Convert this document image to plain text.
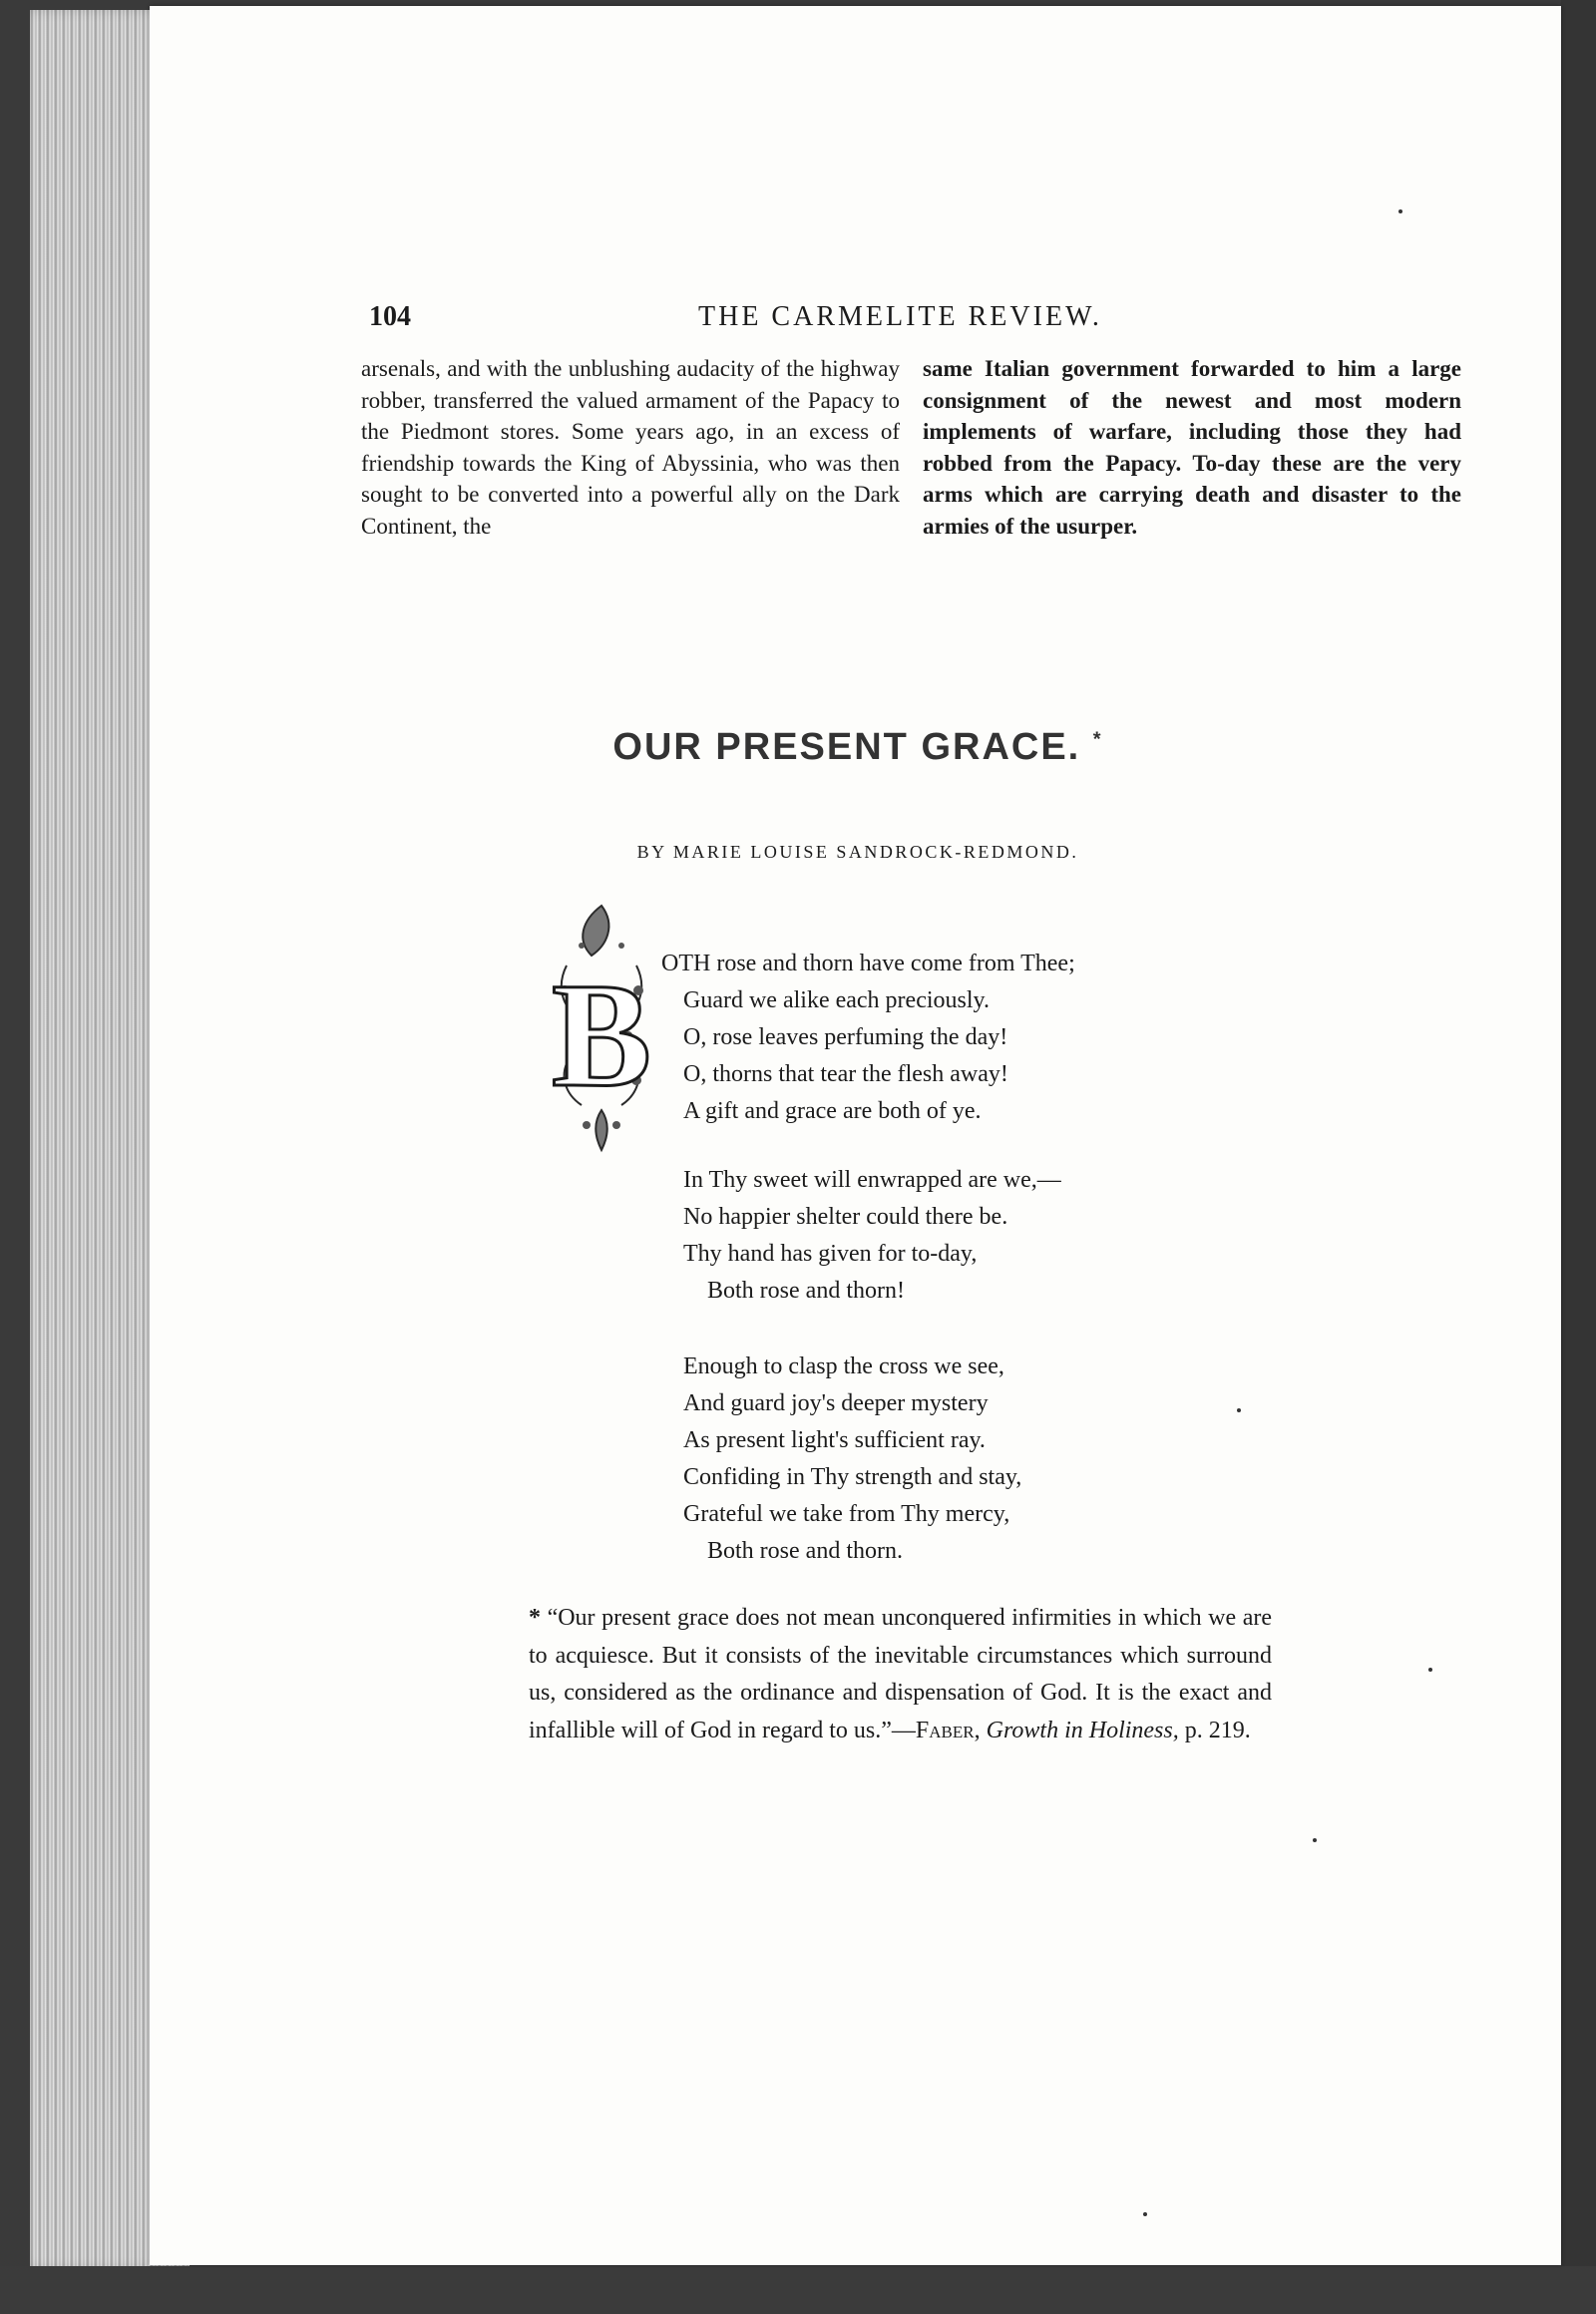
104	THE CARMELITE REVIEW.

arsenals, and with the unblushing audacity of the highway robber, transferred the valued armament of the Papacy to the Piedmont stores. Some years ago, in an excess of friendship towards the King of Abyssinia, who was then sought to be converted into a powerful ally on the Dark Continent, the

same Italian government forwarded to him a large consignment of the newest and most modern implements of warfare, including those they had robbed from the Papacy. To-day these are the very arms which are carrying death and disaster to the armies of the usurper.

OUR PRESENT GRACE. *
BY MARIE LOUISE SANDROCK-REDMOND.
B OTH rose and thorn have come from Thee;
Guard we alike each preciously.
O, rose leaves perfuming the day!
O, thorns that tear the flesh away!
A gift and grace are both of ye.
In Thy sweet will enwrapped are we,—
No happier shelter could there be.
Thy hand has given for to-day,
Both rose and thorn!
Enough to clasp the cross we see,
And guard joy's deeper mystery
As present light's sufficient ray.
Confiding in Thy strength and stay,
Grateful we take from Thy mercy,
Both rose and thorn.

* “Our present grace does not mean unconquered infirmities in which we are to acquiesce. But it consists of the inevitable circumstances which surround us, considered as the ordinance and dispensation of God. It is the exact and infallible will of God in regard to us.”—Faber, Growth in Holiness, p. 219.
